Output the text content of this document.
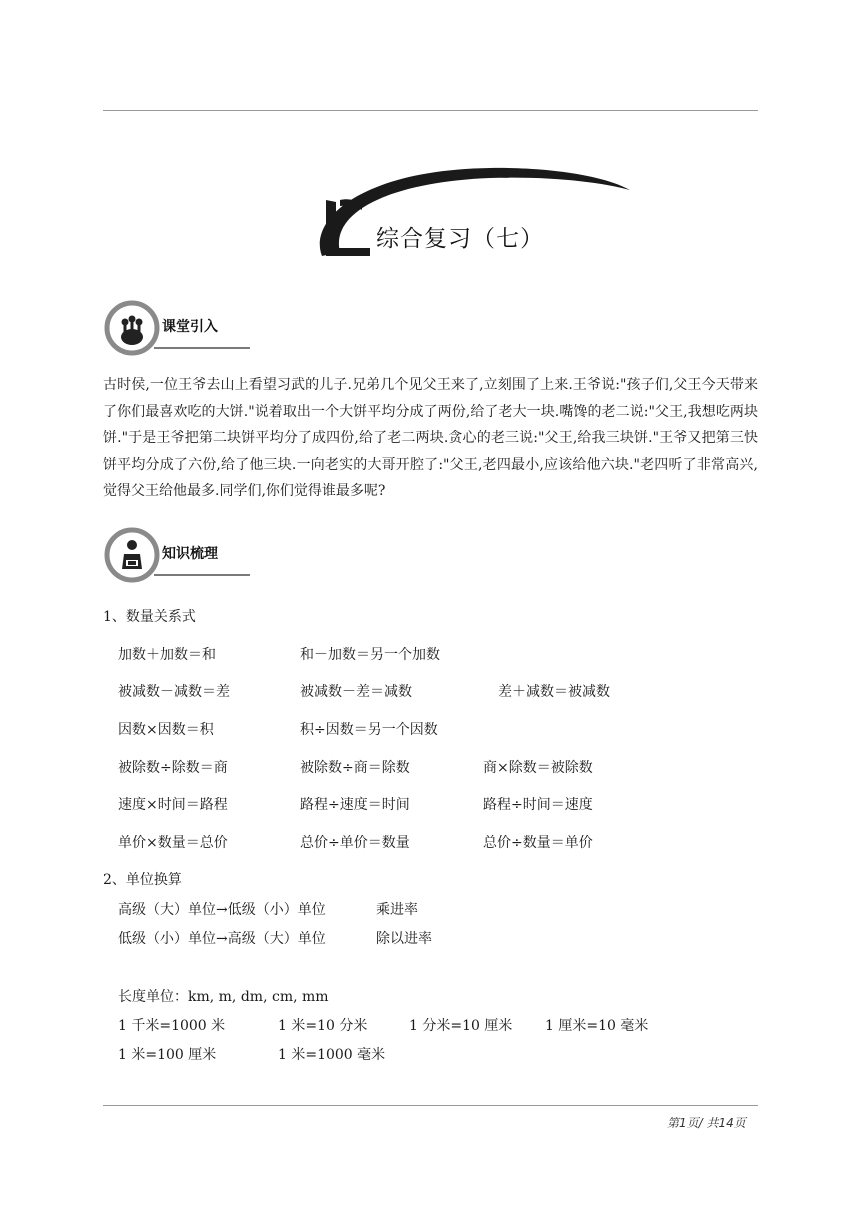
综合复习（七）
课堂引入
古时侯,一位王爷去山上看望习武的儿子.兄弟几个见父王来了,立刻围了上来.王爷说:"孩子们,父王今天带来了你们最喜欢吃的大饼."说着取出一个大饼平均分成了两份,给了老大一块.嘴馋的老二说:"父王,我想吃两块饼."于是王爷把第二块饼平均分了成四份,给了老二两块.贪心的老三说:"父王,给我三块饼."王爷又把第三快饼平均分成了六份,给了他三块.一向老实的大哥开腔了:"父王,老四最小,应该给他六块."老四听了非常高兴,觉得父王给他最多.同学们,你们觉得谁最多呢?
知识梳理
1、数量关系式
加数＋加数＝和	和－加数＝另一个加数
被减数－减数＝差	被减数－差＝减数	差＋减数＝被减数
因数×因数＝积	积÷因数＝另一个因数
被除数÷除数＝商	被除数÷商＝除数	商×除数＝被除数
速度×时间＝路程	路程÷速度＝时间	路程÷时间＝速度
单价×数量＝总价	总价÷单价＝数量	总价÷数量＝单价
2、单位换算
高级（大）单位→低级（小）单位	乘进率
低级（小）单位→高级（大）单位	除以进率
长度单位：km, m, dm, cm, mm
1 千米=1000 米	1 米=10 分米	1 分米=10 厘米 1 厘米=10 毫米
1 米=100 厘米	1 米=1000 毫米
第1页/ 共14页
